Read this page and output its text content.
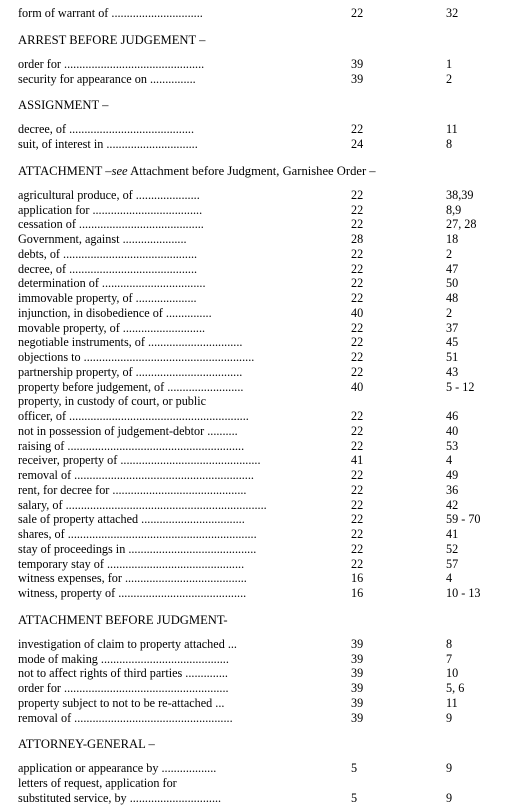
form of warrant of ..............................	22	32
ARREST BEFORE JUDGEMENT –
order for ..............................................	39	1
security for appearance on ...............	39	2
ASSIGNMENT –
decree, of .........................................	22	11
suit, of interest in ..............................	24	8
ATTACHMENT –see Attachment before Judgment, Garnishee Order –
agricultural produce, of .....................	22	38,39
application for ....................................	22	8,9
cessation of .........................................	22	27, 28
Government, against .....................	28	18
debts, of ............................................	22	2
decree, of ..........................................	22	47
determination of ..................................	22	50
immovable property, of ....................	22	48
injunction, in disobedience of ...............	40	2
movable property, of ...........................	22	37
negotiable instruments, of ...............................	22	45
objections to ........................................................	22	51
partnership property, of ...................................	22	43
property before judgement, of .........................	40	5 - 12
property, in custody of court, or public
officer, of ...........................................................	22	46
not in possession of judgement-debtor ..........	22	40
raising of ..........................................................	22	53
receiver, property of ..............................................	41	4
removal of ...........................................................	22	49
rent, for decree for ............................................	22	36
salary, of ..................................................................	22	42
sale of property attached ..................................	22	59 - 70
shares, of ..............................................................	22	41
stay of proceedings in ..........................................	22	52
temporary stay of .............................................	22	57
witness expenses, for ........................................	16	4
witness, property of ..........................................	16	10 - 13
ATTACHMENT BEFORE JUDGMENT-
investigation of claim to property attached ...	39	8
mode of making ..........................................	39	7
not to affect rights of third parties ..............	39	10
order for ......................................................	39	5, 6
property subject to not to be re-attached ...	39	11
removal of ....................................................	39	9
ATTORNEY-GENERAL –
application or appearance by ..................	5	9
letters of request, application for
substituted service, by ..............................	5	9
